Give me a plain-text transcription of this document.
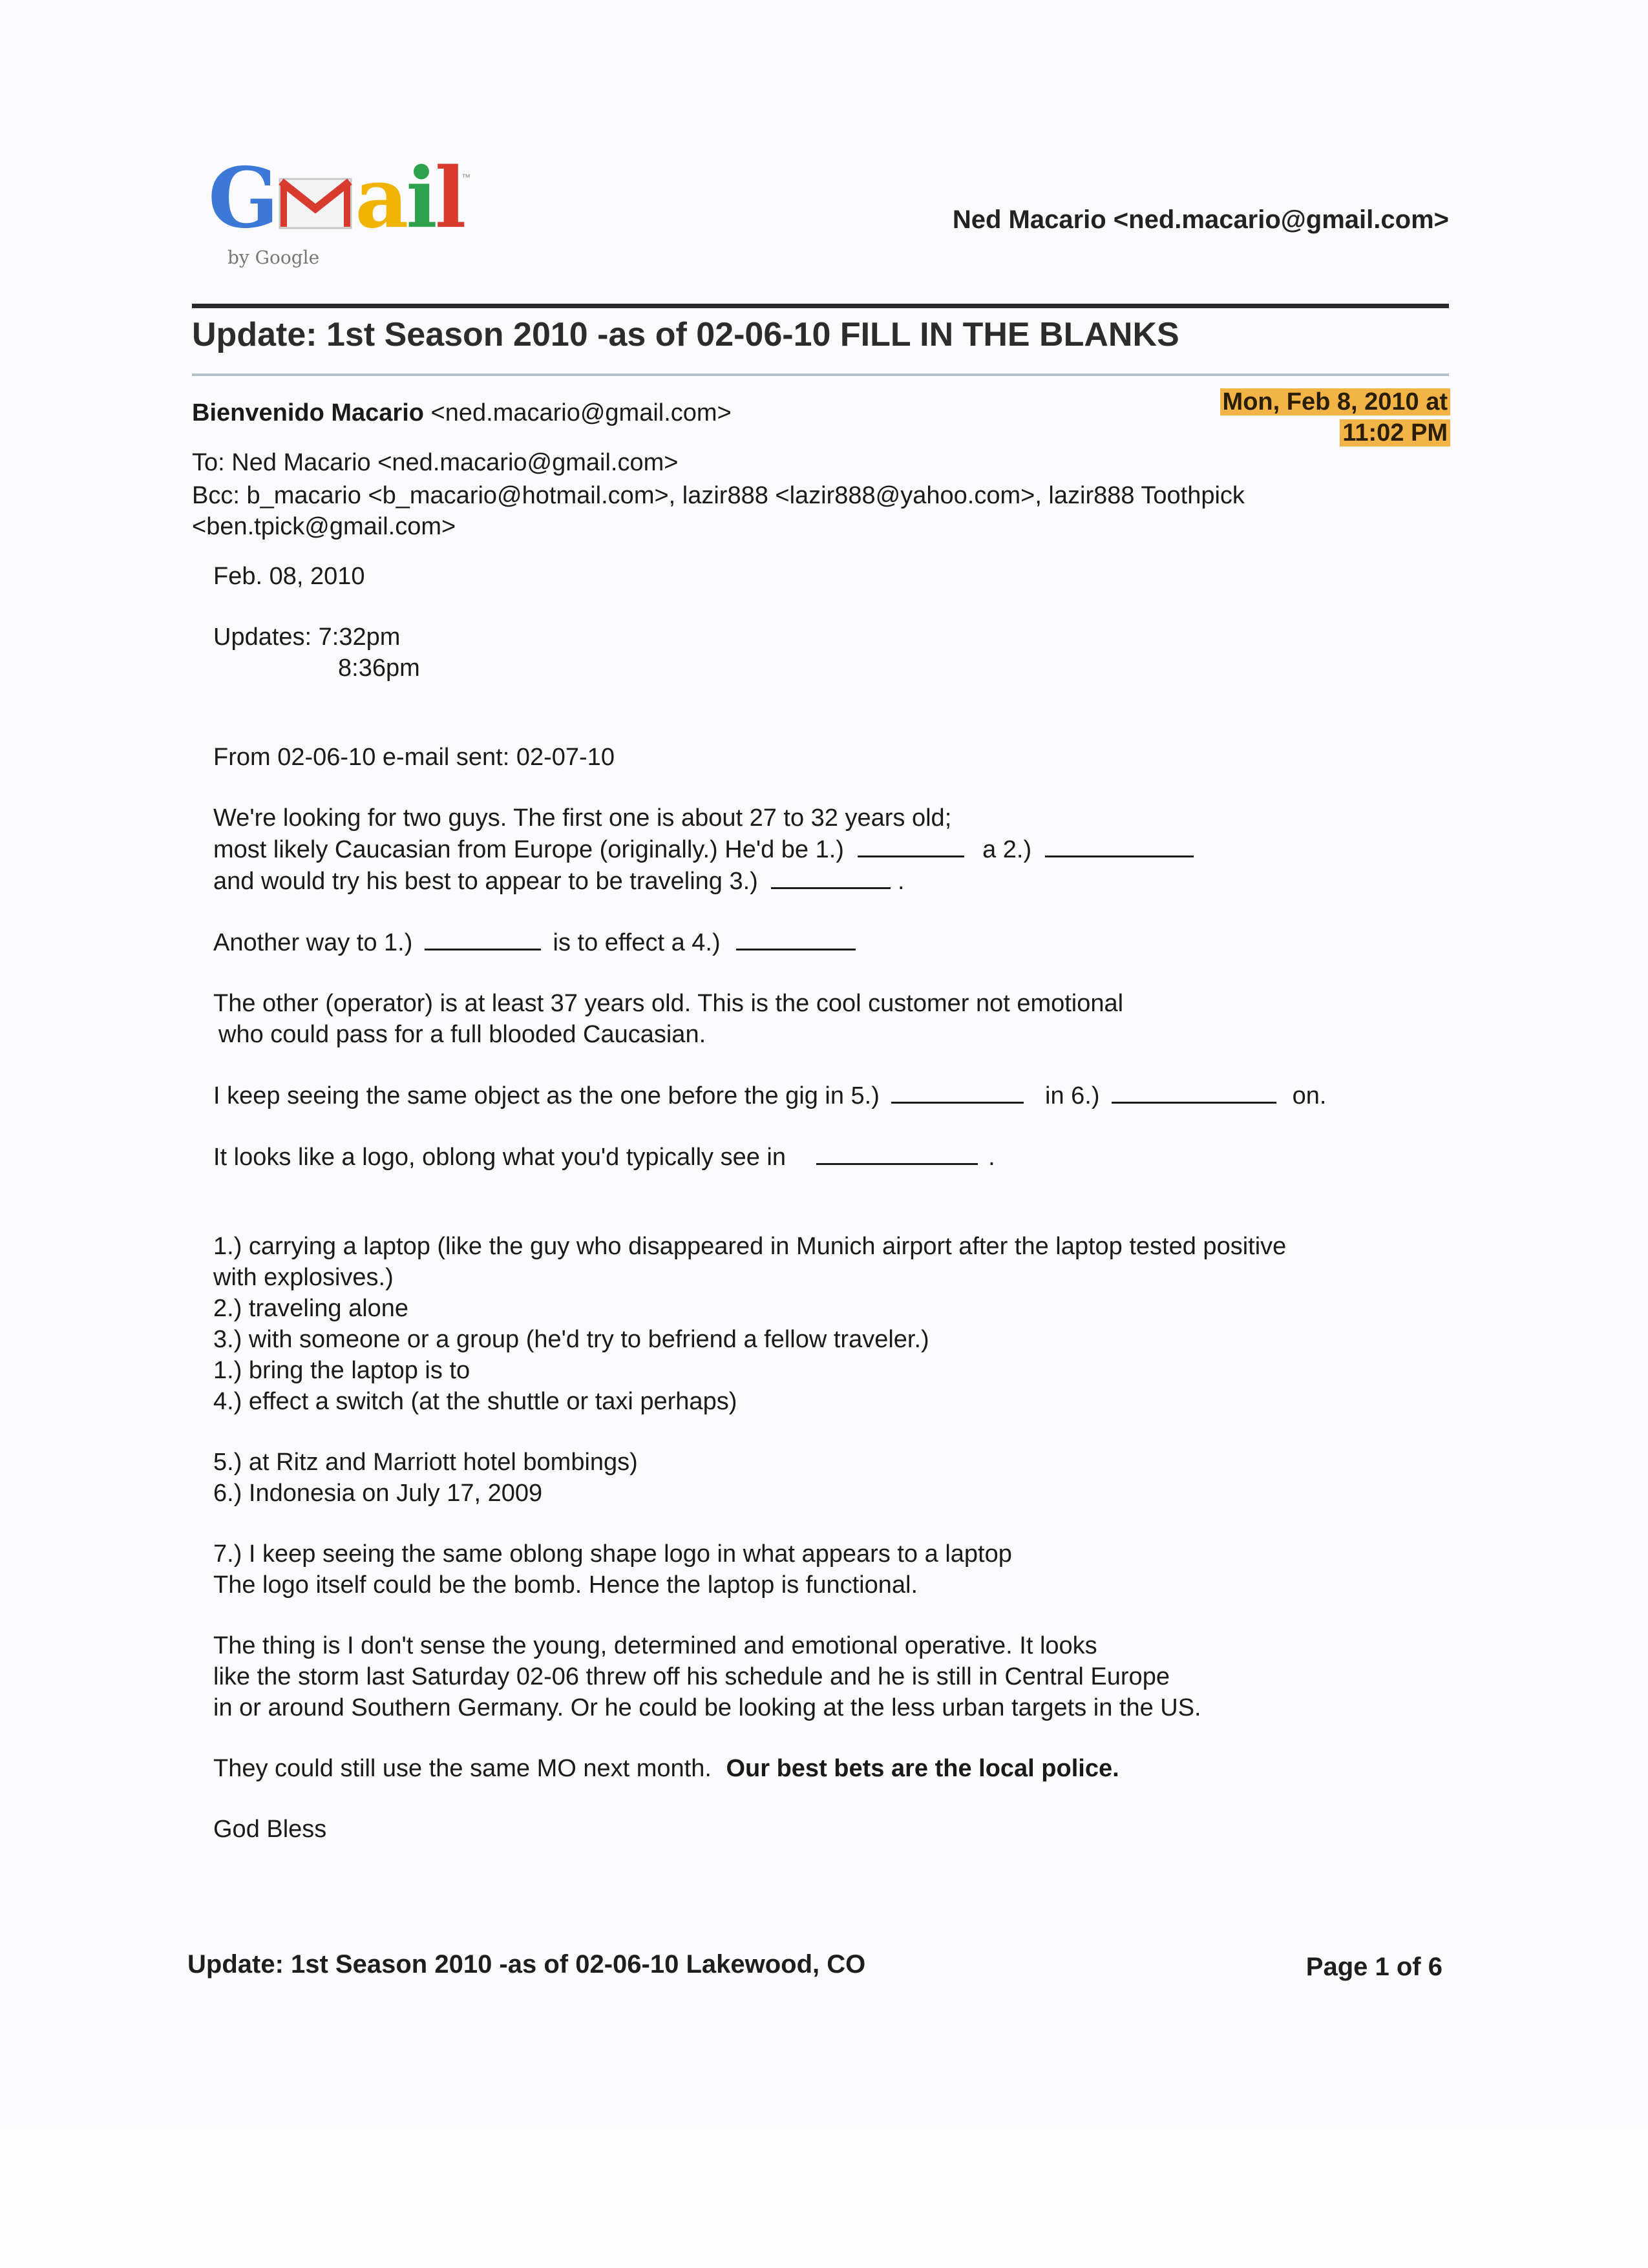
G ail
™
by Google
Ned Macario <ned.macario@gmail.com>
Update: 1st Season 2010 -as of 02-06-10 FILL IN THE BLANKS
Bienvenido Macario <ned.macario@gmail.com>	Mon, Feb 8, 2010 at
11:02 PM
To: Ned Macario <ned.macario@gmail.com>
Bcc: b_macario <b_macario@hotmail.com>, lazir888 <lazir888@yahoo.com>, lazir888 Toothpick <ben.tpick@gmail.com>

Feb. 08, 2010

Updates: 7:32pm

8:36pm

From 02-06-10 e-mail sent: 02-07-10

We're looking for two guys. The first one is about 27 to 32 years old;

most likely Caucasian from Europe (originally.) He'd be 1.)	a 2.)

and would try his best to appear to be traveling 3.)	.

Another way to 1.)	is to effect a 4.)

The other (operator) is at least 37 years old. This is the cool customer not emotional

who could pass for a full blooded Caucasian.

I keep seeing the same object as the one before the gig in 5.)	in 6.)	on.

It looks like a logo, oblong what you'd typically see in	.

1.) carrying a laptop (like the guy who disappeared in Munich airport after the laptop tested positive

with explosives.)

2.) traveling alone

3.) with someone or a group (he'd try to befriend a fellow traveler.)

1.) bring the laptop is to

4.) effect a switch (at the shuttle or taxi perhaps)

5.) at Ritz and Marriott hotel bombings)

6.) Indonesia on July 17, 2009

7.) I keep seeing the same oblong shape logo in what appears to a laptop

The logo itself could be the bomb. Hence the laptop is functional.

The thing is I don't sense the young, determined and emotional operative. It looks

like the storm last Saturday 02-06 threw off his schedule and he is still in Central Europe

in or around Southern Germany. Or he could be looking at the less urban targets in the US.

They could still use the same MO next month. Our best bets are the local police.

God Bless

Update: 1st Season 2010 -as of 02-06-10 Lakewood, CO	Page 1 of 6
